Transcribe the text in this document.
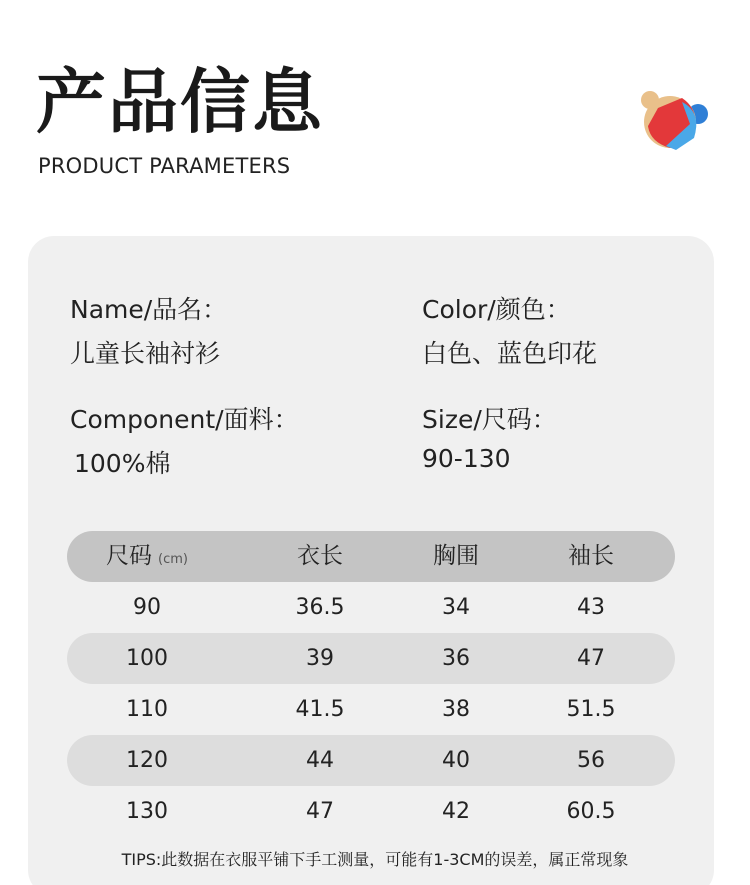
产品信息
PRODUCT PARAMETERS
Name/品名：
儿童长袖衬衫
Color/颜色：
白色、蓝色印花
Component/面料：
100%棉
Size/尺码：
90-130
尺码 (cm)	衣长	胸围	袖长
90	36.5	34	43
100	39	36	47
110	41.5	38	51.5
120	44	40	56
130	47	42	60.5
TIPS:此数据在衣服平铺下手工测量，可能有1-3CM的误差，属正常现象
